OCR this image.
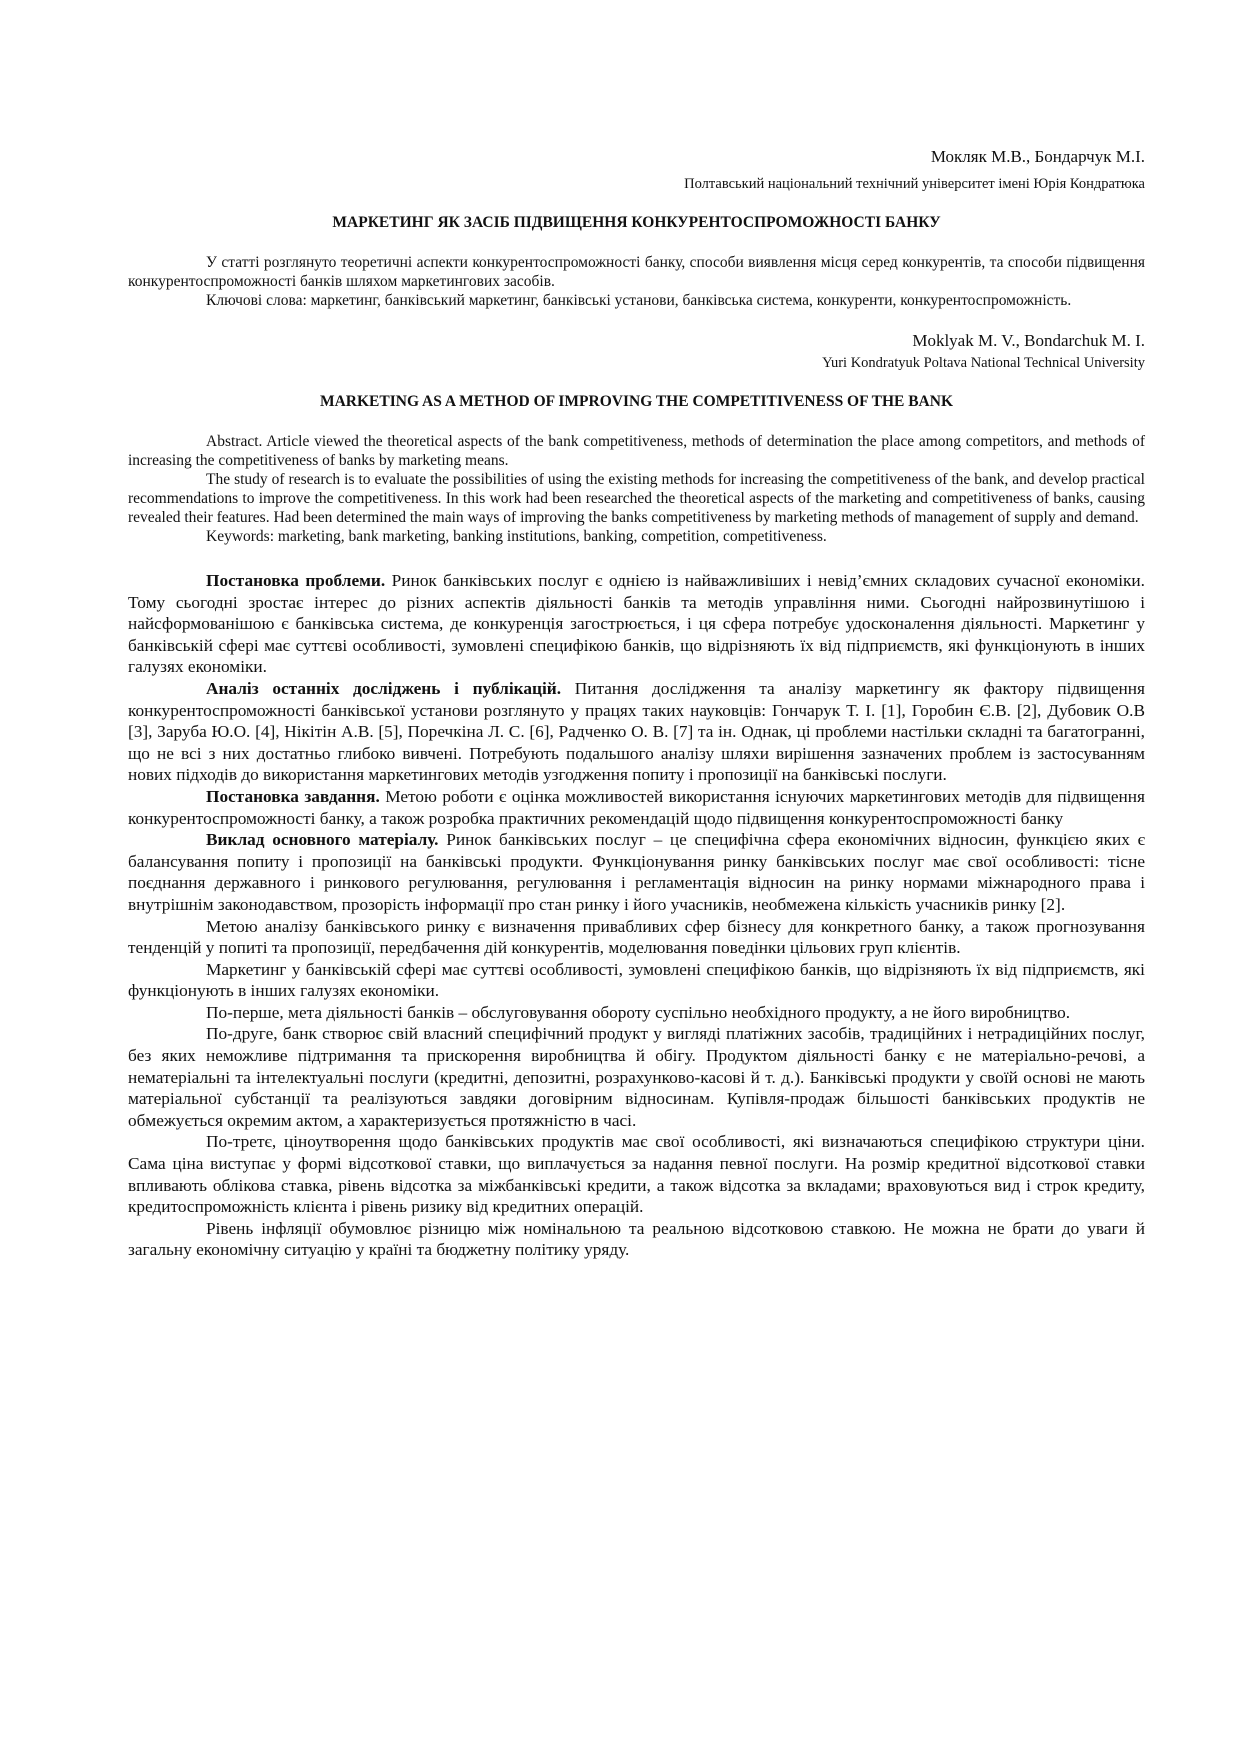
Мокляк М.В., Бондарчук М.І.

Полтавський національний технічний університет імені Юрія Кондратюка

МАРКЕТИНГ ЯК ЗАСІБ ПІДВИЩЕННЯ КОНКУРЕНТОСПРОМОЖНОСТІ БАНКУ

У статті розглянуто теоретичні аспекти конкурентоспроможності банку, способи виявлення місця серед конкурентів, та способи підвищення конкурентоспроможності банків шляхом маркетингових засобів.

Ключові слова: маркетинг, банківський маркетинг, банківські установи, банківська система, конкуренти, конкурентоспроможність.

Moklyak M. V., Bondarchuk M. I.

Yuri Kondratyuk Poltava National Technical University

MARKETING AS A METHOD OF IMPROVING THE COMPETITIVENESS OF THE BANK

Abstract. Article viewed the theoretical aspects of the bank competitiveness, methods of determination the place among competitors, and methods of increasing the competitiveness of banks by marketing means.

The study of research is to evaluate the possibilities of using the existing methods for increasing the competitiveness of the bank, and develop practical recommendations to improve the competitiveness. In this work had been researched the theoretical aspects of the marketing and competitiveness of banks, causing revealed their features. Had been determined the main ways of improving the banks competitiveness by marketing methods of management of supply and demand.

Keywords: marketing, bank marketing, banking institutions, banking, competition, competitiveness.

Постановка проблеми. Ринок банківських послуг є однією із найважливіших і невід’ємних складових сучасної економіки. Тому сьогодні зростає інтерес до різних аспектів діяльності банків та методів управління ними. Сьогодні найрозвинутішою і найсформованішою є банківська система, де конкуренція загострюється, і ця сфера потребує удосконалення діяльності. Маркетинг у банківській сфері має суттєві особливості, зумовлені специфікою банків, що відрізняють їх від підприємств, які функціонують в інших галузях економіки.

Аналіз останніх досліджень і публікацій. Питання дослідження та аналізу маркетингу як фактору підвищення конкурентоспроможності банківської установи розглянуто у працях таких науковців: Гончарук Т. І. [1], Горобин Є.В. [2], Дубовик О.В [3], Заруба Ю.О. [4], Нікітін А.В. [5], Поречкіна Л. С. [6], Радченко О. В. [7] та ін. Однак, ці проблеми настільки складні та багатогранні, що не всі з них достатньо глибоко вивчені. Потребують подальшого аналізу шляхи вирішення зазначених проблем із застосуванням нових підходів до використання маркетингових методів узгодження попиту і пропозиції на банківські послуги.

Постановка завдання. Метою роботи є оцінка можливостей використання існуючих маркетингових методів для підвищення конкурентоспроможності банку, а також розробка практичних рекомендацій щодо підвищення конкурентоспроможності банку

Виклад основного матеріалу. Ринок банківських послуг – це специфічна сфера економічних відносин, функцією яких є балансування попиту і пропозиції на банківські продукти. Функціонування ринку банківських послуг має свої особливості: тісне поєднання державного і ринкового регулювання, регулювання і регламентація відносин на ринку нормами міжнародного права і внутрішнім законодавством, прозорість інформації про стан ринку і його учасників, необмежена кількість учасників ринку [2].

Метою аналізу банківського ринку є визначення привабливих сфер бізнесу для конкретного банку, а також прогнозування тенденцій у попиті та пропозиції, передбачення дій конкурентів, моделювання поведінки цільових груп клієнтів.

Маркетинг у банківській сфері має суттєві особливості, зумовлені специфікою банків, що відрізняють їх від підприємств, які функціонують в інших галузях економіки.

По-перше, мета діяльності банків – обслуговування обороту суспільно необхідного продукту, а не його виробництво.

По-друге, банк створює свій власний специфічний продукт у вигляді платіжних засобів, традиційних і нетрадиційних послуг, без яких неможливе підтримання та прискорення виробництва й обігу. Продуктом діяльності банку є не матеріально-речові, а нематеріальні та інтелектуальні послуги (кредитні, депозитні, розрахунково-касові й т. д.). Банківські продукти у своїй основі не мають матеріальної субстанції та реалізуються завдяки договірним відносинам. Купівля-продаж більшості банківських продуктів не обмежується окремим актом, а характеризується протяжністю в часі.

По-третє, ціноутворення щодо банківських продуктів має свої особливості, які визначаються специфікою структури ціни. Сама ціна виступає у формі відсоткової ставки, що виплачується за надання певної послуги. На розмір кредитної відсоткової ставки впливають облікова ставка, рівень відсотка за міжбанківські кредити, а також відсотка за вкладами; враховуються вид і строк кредиту, кредитоспроможність клієнта і рівень ризику від кредитних операцій.

Рівень інфляції обумовлює різницю між номінальною та реальною відсотковою ставкою. Не можна не брати до уваги й загальну економічну ситуацію у країні та бюджетну політику уряду.
